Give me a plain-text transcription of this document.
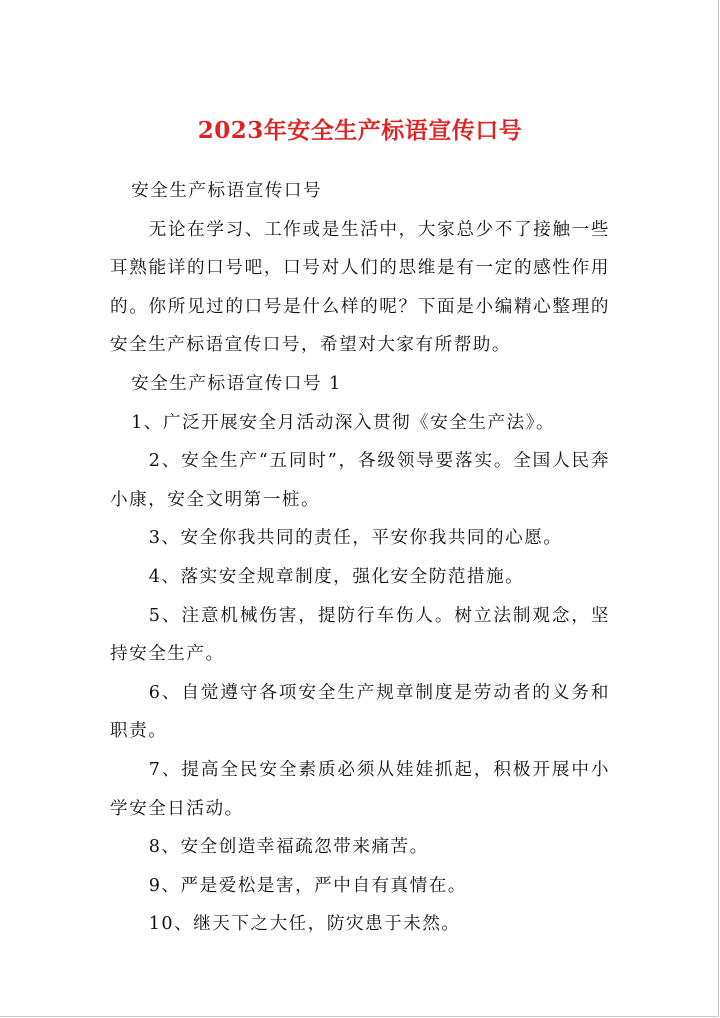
2023年安全生产标语宣传口号

安全生产标语宣传口号

无论在学习、工作或是生活中，大家总少不了接触一些耳熟能详的口号吧，口号对人们的思维是有一定的感性作用的。你所见过的口号是什么样的呢？下面是小编精心整理的安全生产标语宣传口号，希望对大家有所帮助。

安全生产标语宣传口号 1

1、广泛开展安全月活动深入贯彻《安全生产法》。

2、安全生产“五同时”，各级领导要落实。全国人民奔小康，安全文明第一桩。

3、安全你我共同的责任，平安你我共同的心愿。

4、落实安全规章制度，强化安全防范措施。

5、注意机械伤害，提防行车伤人。树立法制观念，坚持安全生产。

6、自觉遵守各项安全生产规章制度是劳动者的义务和职责。

7、提高全民安全素质必须从娃娃抓起，积极开展中小学安全日活动。

8、安全创造幸福疏忽带来痛苦。

9、严是爱松是害，严中自有真情在。

10、继天下之大任，防灾患于未然。
